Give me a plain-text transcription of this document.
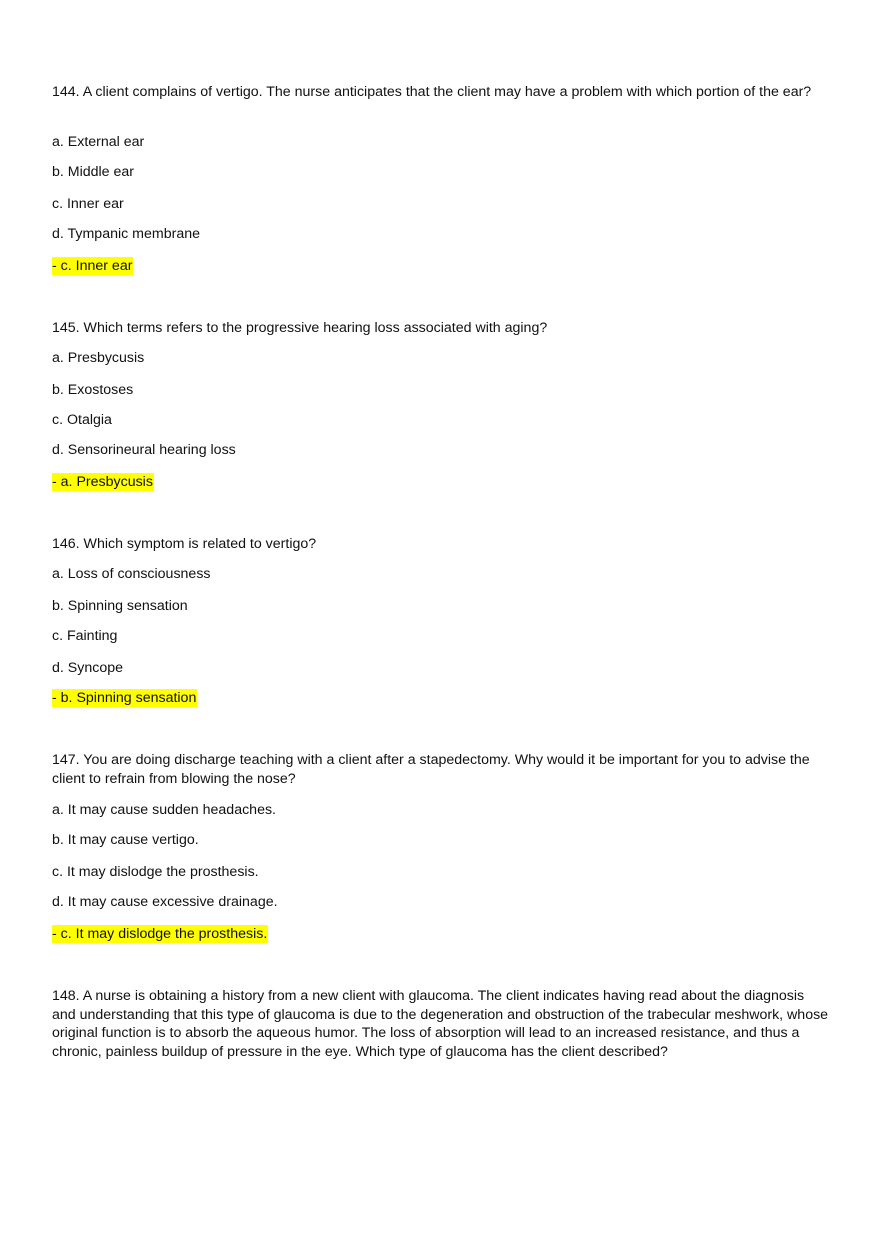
144. A client complains of vertigo. The nurse anticipates that the client may have a problem with which portion of the ear?

a. External ear

b. Middle ear

c. Inner ear

d. Tympanic membrane

- c. Inner ear

145. Which terms refers to the progressive hearing loss associated with aging?

a. Presbycusis

b. Exostoses

c. Otalgia

d. Sensorineural hearing loss

- a. Presbycusis

146. Which symptom is related to vertigo?

a. Loss of consciousness

b. Spinning sensation

c. Fainting

d. Syncope

- b. Spinning sensation

147. You are doing discharge teaching with a client after a stapedectomy. Why would it be important for you to advise the client to refrain from blowing the nose?

a. It may cause sudden headaches.

b. It may cause vertigo.

c. It may dislodge the prosthesis.

d. It may cause excessive drainage.

- c. It may dislodge the prosthesis.

148. A nurse is obtaining a history from a new client with glaucoma. The client indicates having read about the diagnosis and understanding that this type of glaucoma is due to the degeneration and obstruction of the trabecular meshwork, whose original function is to absorb the aqueous humor. The loss of absorption will lead to an increased resistance, and thus a chronic, painless buildup of pressure in the eye. Which type of glaucoma has the client described?
